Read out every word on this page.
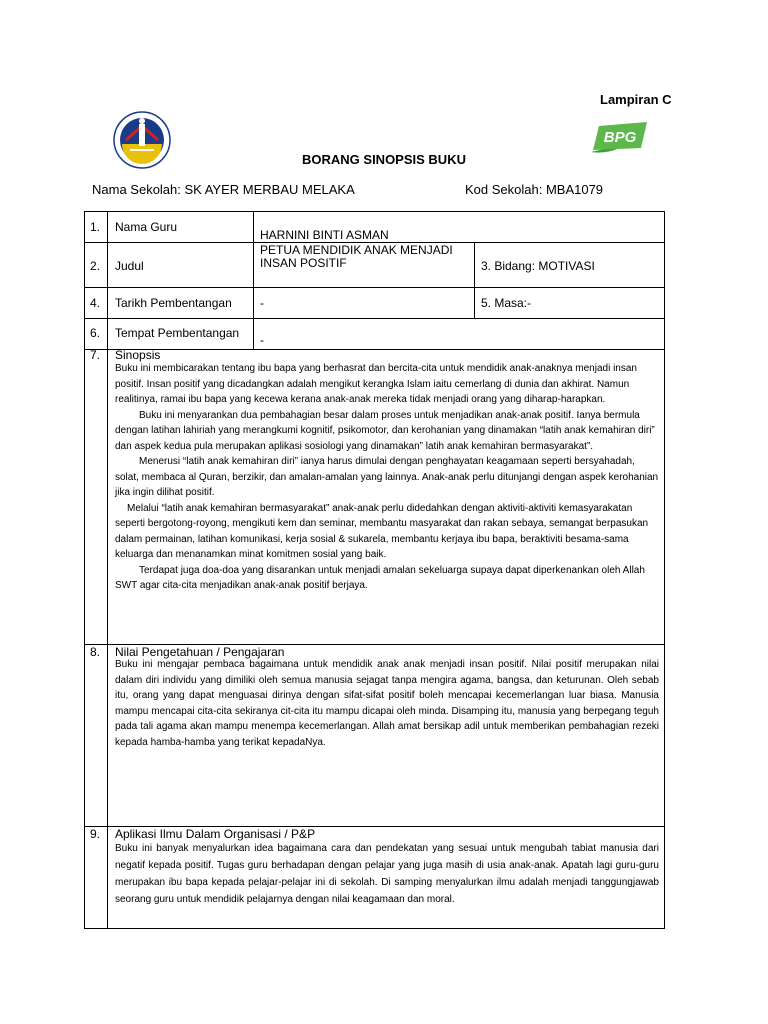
Lampiran C
BPG
BORANG SINOPSIS BUKU
Nama Sekolah: SK AYER MERBAU MELAKA	Kod Sekolah: MBA1079
1. Nama Guru
HARNINI BINTI ASMAN
2. Judul
PETUA MENDIDIK ANAK MENJADI INSAN POSITIF	3. Bidang: MOTIVASI
4. Tarikh Pembentangan -	5. Masa:-
6. Tempat Pembentangan -
7. Sinopsis

Buku ini membicarakan tentang ibu bapa yang berhasrat dan bercita-cita untuk mendidik anak-anaknya menjadi insan positif. Insan positif yang dicadangkan adalah mengikut kerangka Islam iaitu cemerlang di dunia dan akhirat. Namun realitinya, ramai ibu bapa yang kecewa kerana anak-anak mereka tidak menjadi orang yang diharap-harapkan.

Buku ini menyarankan dua pembahagian besar dalam proses untuk menjadikan anak-anak positif. Ianya bermula dengan latihan lahiriah yang merangkumi kognitif, psikomotor, dan kerohanian yang dinamakan “latih anak kemahiran diri” dan aspek kedua pula merupakan aplikasi sosiologi yang dinamakan” latih anak kemahiran bermasyarakat”.

Menerusi “latih anak kemahiran diri” ianya harus dimulai dengan penghayatan keagamaan seperti bersyahadah, solat, membaca al Quran, berzikir, dan amalan-amalan yang lainnya. Anak-anak perlu ditunjangi dengan aspek kerohanian jika ingin dilihat positif.

Melalui “latih anak kemahiran bermasyarakat” anak-anak perlu didedahkan dengan aktiviti-aktiviti kemasyarakatan seperti bergotong-royong, mengikuti kem dan seminar, membantu masyarakat dan rakan sebaya, semangat berpasukan dalam permainan, latihan komunikasi, kerja sosial & sukarela, membantu kerjaya ibu bapa, beraktiviti besama-sama keluarga dan menanamkan minat komitmen sosial yang baik.

Terdapat juga doa-doa yang disarankan untuk menjadi amalan sekeluarga supaya dapat diperkenankan oleh Allah SWT agar cita-cita menjadikan anak-anak positif berjaya.

8. Nilai Pengetahuan / Pengajaran
Buku ini mengajar pembaca bagaimana untuk mendidik anak anak menjadi insan positif. Nilai positif merupakan nilai dalam diri individu yang dimiliki oleh semua manusia sejagat tanpa mengira agama, bangsa, dan keturunan. Oleh sebab itu, orang yang dapat menguasai dirinya dengan sifat-sifat positif boleh mencapai kecemerlangan luar biasa. Manusia mampu mencapai cita-cita sekiranya cit-cita itu mampu dicapai oleh minda. Disamping itu, manusia yang berpegang teguh pada tali agama akan mampu menempa kecemerlangan. Allah amat bersikap adil untuk memberikan pembahagian rezeki kepada hamba-hamba yang terikat kepadaNya.
9. Aplikasi Ilmu Dalam Organisasi / P&P
Buku ini banyak menyalurkan idea bagaimana cara dan pendekatan yang sesuai untuk mengubah tabiat manusia dari negatif kepada positif. Tugas guru berhadapan dengan pelajar yang juga masih di usia anak-anak. Apatah lagi guru-guru merupakan ibu bapa kepada pelajar-pelajar ini di sekolah. Di samping menyalurkan ilmu adalah menjadi tanggungjawab seorang guru untuk mendidik pelajarnya dengan nilai keagamaan dan moral.
